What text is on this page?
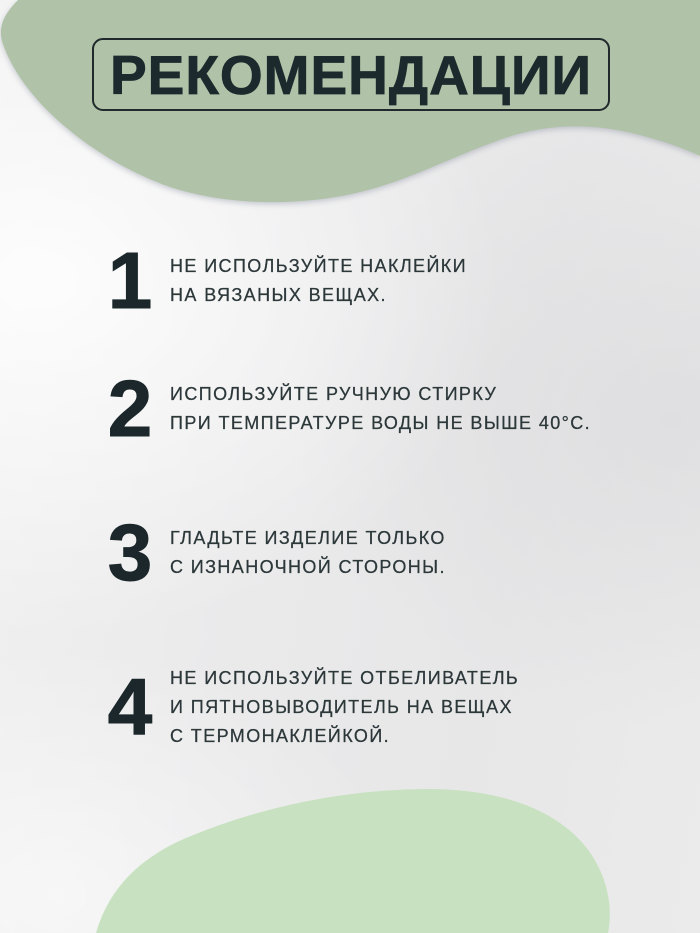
РЕКОМЕНДАЦИИ
1 НЕ ИСПОЛЬЗУЙТЕ НАКЛЕЙКИ
НА ВЯЗАНЫХ ВЕЩАХ.
2 ИСПОЛЬЗУЙТЕ РУЧНУЮ СТИРКУ
ПРИ ТЕМПЕРАТУРЕ ВОДЫ НЕ ВЫШЕ 40°С.
3 ГЛАДЬТЕ ИЗДЕЛИЕ ТОЛЬКО
С ИЗНАНОЧНОЙ СТОРОНЫ.
4 НЕ ИСПОЛЬЗУЙТЕ ОТБЕЛИВАТЕЛЬ
И ПЯТНОВЫВОДИТЕЛЬ НА ВЕЩАХ
С ТЕРМОНАКЛЕЙКОЙ.
